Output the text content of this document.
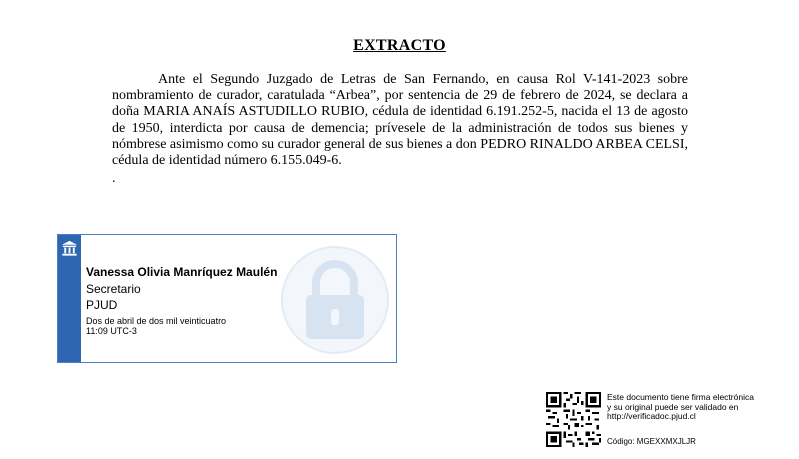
EXTRACTO

Ante el Segundo Juzgado de Letras de San Fernando, en causa Rol V-141-2023 sobre nombramiento de curador, caratulada “Arbea”, por sentencia de 29 de febrero de 2024, se declara a doña MARIA ANAÍS ASTUDILLO RUBIO, cédula de identidad 6.191.252-5, nacida el 13 de agosto de 1950, interdicta por causa de demencia; prívesele de la administración de todos sus bienes y nómbrese asimismo como su curador general de sus bienes a don PEDRO RINALDO ARBEA CELSI, cédula de identidad número 6.155.049-6.

.

Vanessa Olivia Manríquez Maulén
Secretario
PJUD
Dos de abril de dos mil veinticuatro
11:09 UTC-3
Este documento tiene firma electrónica
y su original puede ser validado en
http://verificadoc.pjud.cl
Código: MGEXXMXJLJR
